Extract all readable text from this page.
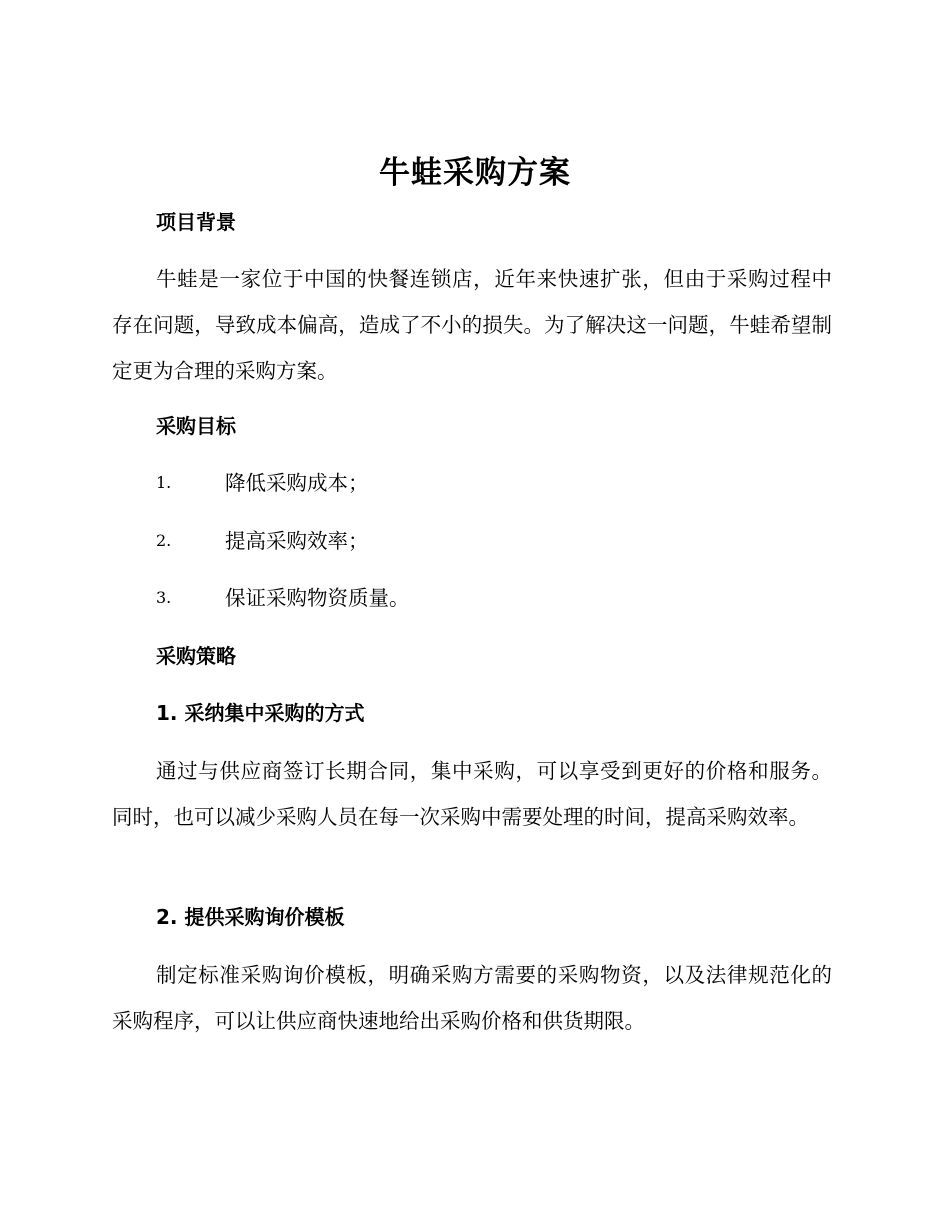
牛蛙采购方案
项目背景
牛蛙是一家位于中国的快餐连锁店，近年来快速扩张，但由于采购过程中存在问题，导致成本偏高，造成了不小的损失。为了解决这一问题，牛蛙希望制定更为合理的采购方案。
采购目标
1.	降低采购成本；
2.	提高采购效率；
3.	保证采购物资质量。
采购策略
1. 采纳集中采购的方式
通过与供应商签订长期合同，集中采购，可以享受到更好的价格和服务。同时，也可以减少采购人员在每一次采购中需要处理的时间，提高采购效率。
2. 提供采购询价模板
制定标准采购询价模板，明确采购方需要的采购物资，以及法律规范化的采购程序，可以让供应商快速地给出采购价格和供货期限。
